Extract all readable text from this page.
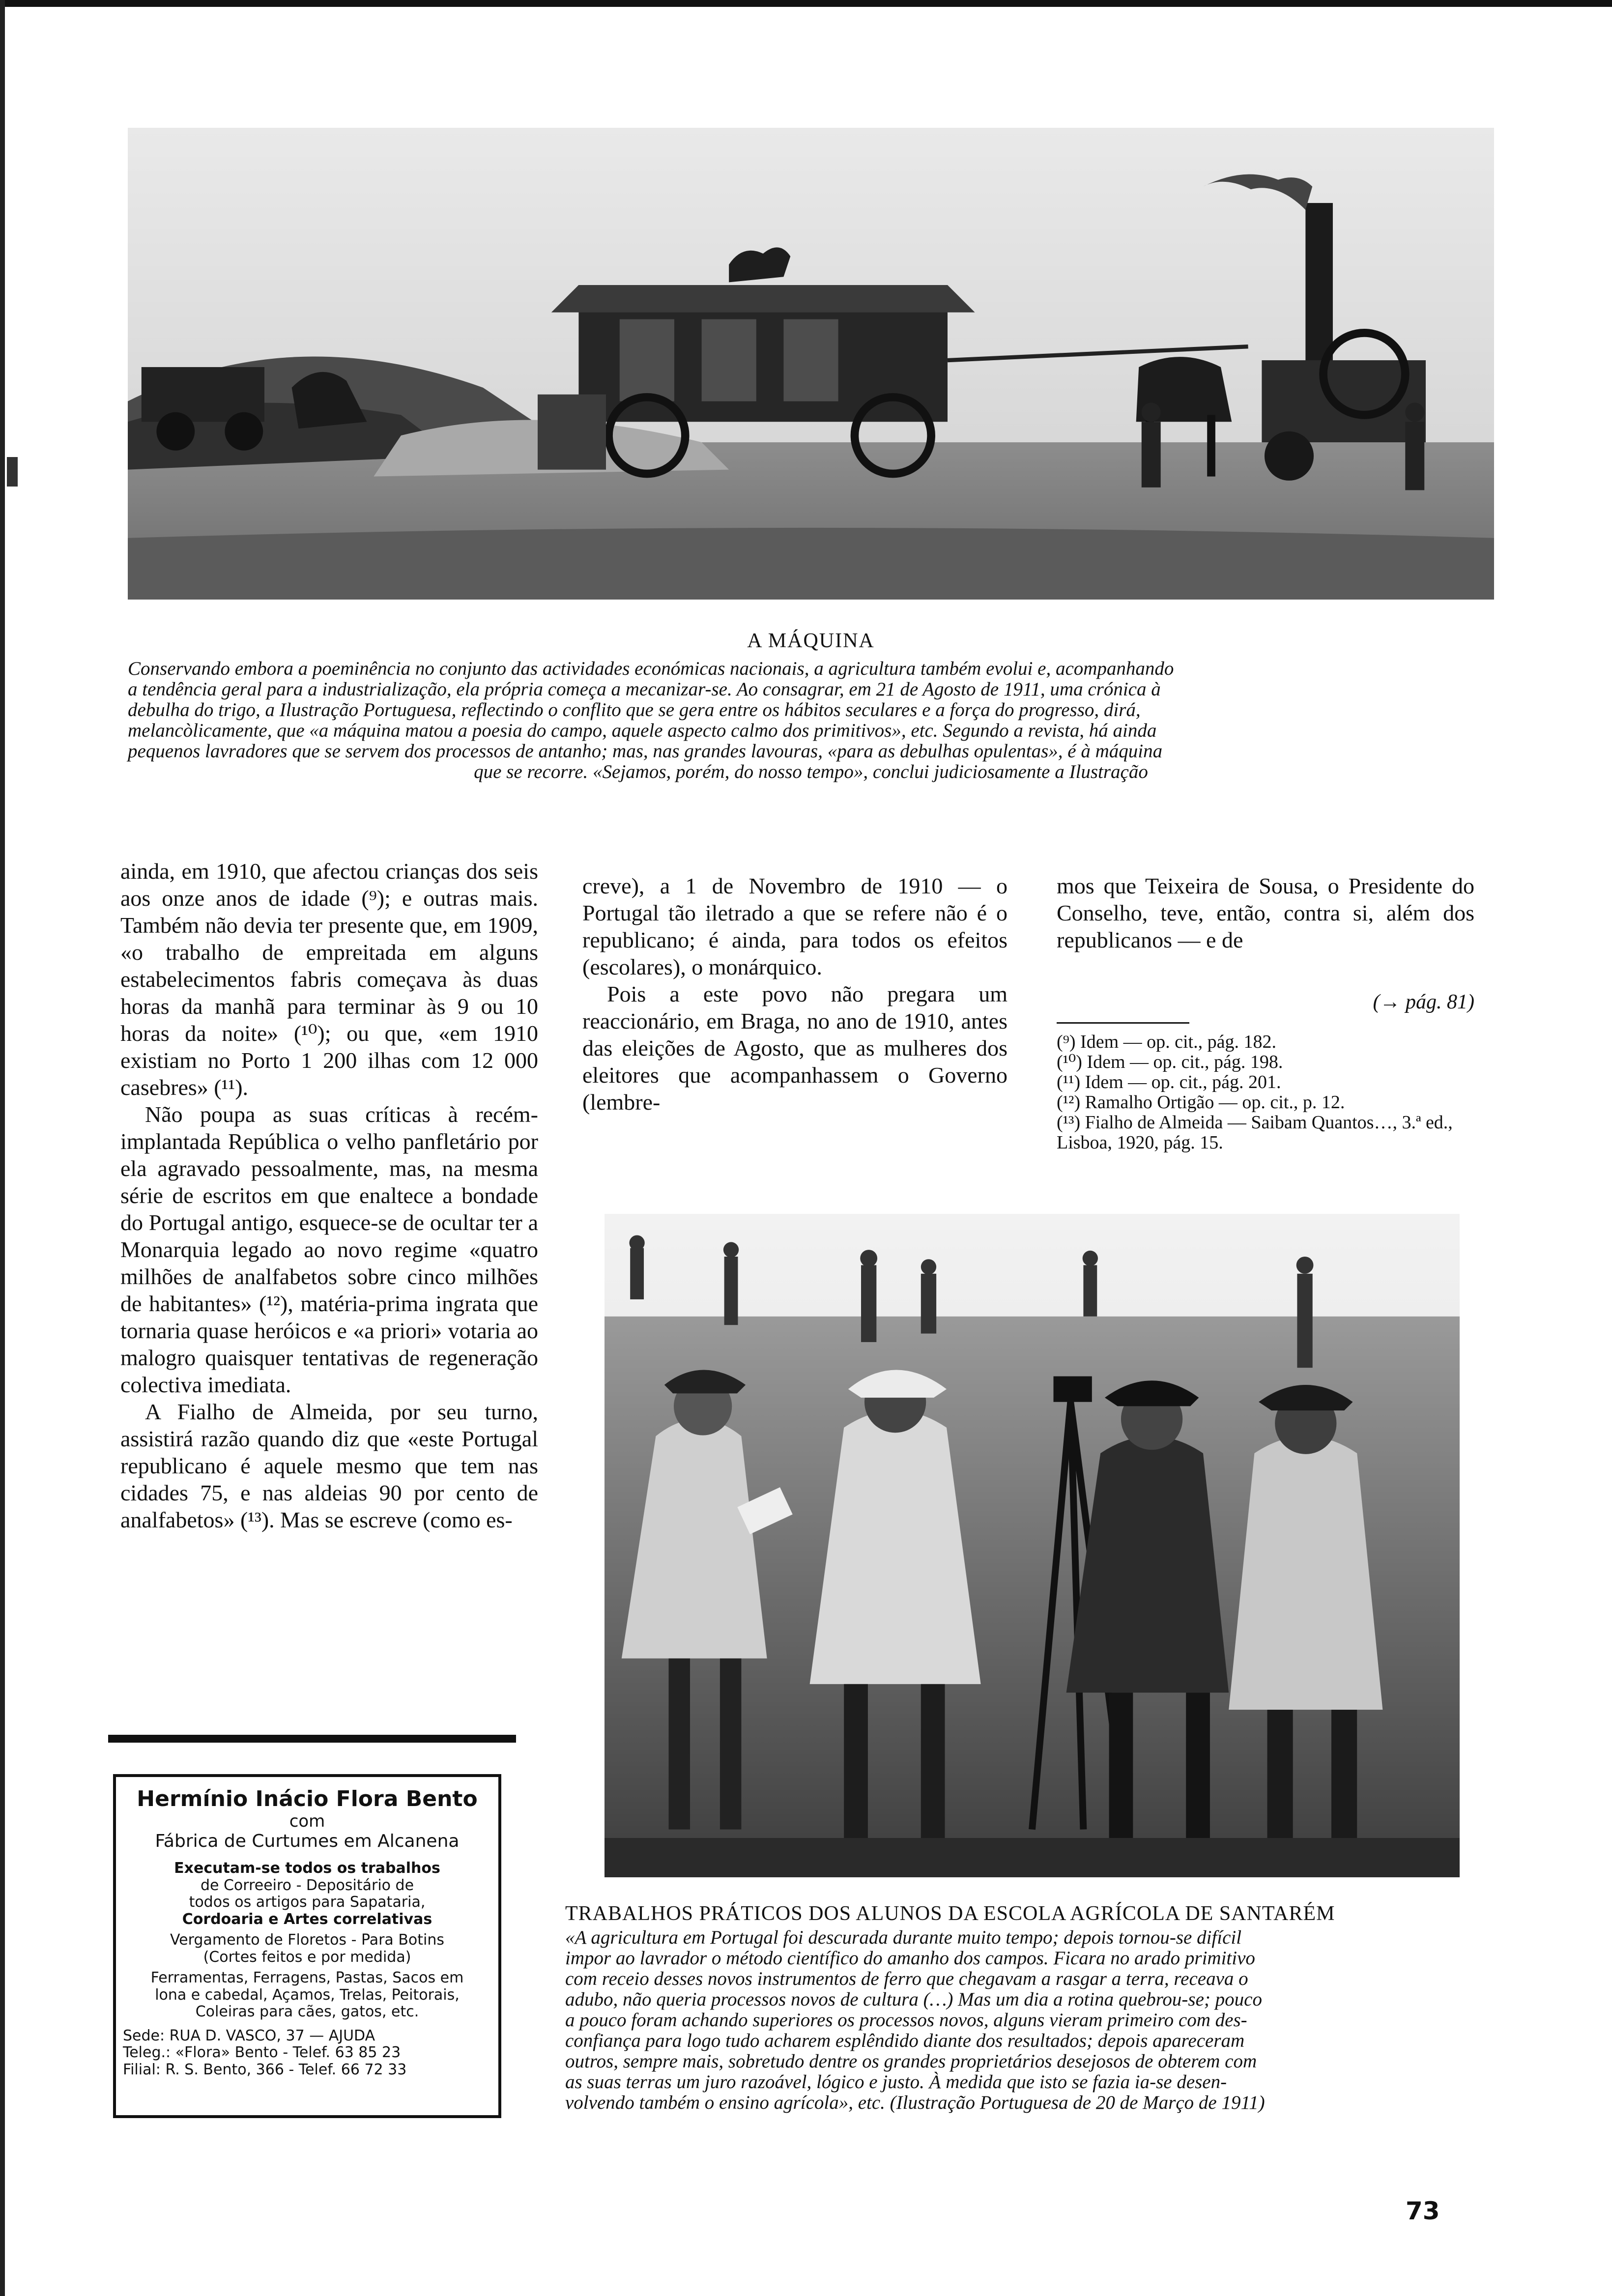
A MÁQUINA

Conservando embora a poeminência no conjunto das actividades económicas nacionais, a agricultura também evolui e, acompanhando
a tendência geral para a industrialização, ela própria começa a mecanizar-se. Ao consagrar, em 21 de Agosto de 1911, uma crónica à
debulha do trigo, a Ilustração Portuguesa, reflectindo o conflito que se gera entre os hábitos seculares e a força do progresso, dirá,
melancòlicamente, que «a máquina matou a poesia do campo, aquele aspecto calmo dos primitivos», etc. Segundo a revista, há ainda
pequenos lavradores que se servem dos processos de antanho; mas, nas grandes lavouras, «para as debulhas opulentas», é à máquina
que se recorre. «Sejamos, porém, do nosso tempo», conclui judiciosamente a Ilustração

ainda, em 1910, que afectou crianças dos seis aos onze anos de idade (⁹); e outras mais. Também não devia ter presente que, em 1909, «o trabalho de empreitada em alguns estabelecimentos fabris começava às duas horas da manhã para terminar às 9 ou 10 horas da noite» (¹⁰); ou que, «em 1910 existiam no Porto 1 200 ilhas com 12 000 casebres» (¹¹).

Não poupa as suas críticas à recém-implantada República o velho panfletário por ela agravado pessoalmente, mas, na mesma série de escritos em que enaltece a bondade do Portugal antigo, esquece-se de ocultar ter a Monarquia legado ao novo regime «quatro milhões de analfabetos sobre cinco milhões de habitantes» (¹²), matéria-prima ingrata que tornaria quase heróicos e «a priori» votaria ao malogro quaisquer tentativas de regeneração colectiva imediata.

A Fialho de Almeida, por seu turno, assistirá razão quando diz que «este Portugal republicano é aquele mesmo que tem nas cidades 75, e nas aldeias 90 por cento de analfabetos» (¹³). Mas se escreve (como es-

creve), a 1 de Novembro de 1910 — o Portugal tão iletrado a que se refere não é o republicano; é ainda, para todos os efeitos (escolares), o monárquico.

Pois a este povo não pregara um reaccionário, em Braga, no ano de 1910, antes das eleições de Agosto, que as mulheres dos eleitores que acompanhassem o Governo (lembre-

mos que Teixeira de Sousa, o Presidente do Conselho, teve, então, contra si, além dos republicanos — e de

(→ pág. 81)
(⁹) Idem — op. cit., pág. 182.
(¹⁰) Idem — op. cit., pág. 198.
(¹¹) Idem — op. cit., pág. 201.
(¹²) Ramalho Ortigão — op. cit., p. 12.
(¹³) Fialho de Almeida — Saibam Quantos…, 3.ª ed., Lisboa, 1920, pág. 15.

TRABALHOS PRÁTICOS DOS ALUNOS DA ESCOLA AGRÍCOLA DE SANTARÉM

«A agricultura em Portugal foi descurada durante muito tempo; depois tornou-se difícil
impor ao lavrador o método científico do amanho dos campos. Ficara no arado primitivo
com receio desses novos instrumentos de ferro que chegavam a rasgar a terra, receava o
adubo, não queria processos novos de cultura (…) Mas um dia a rotina quebrou-se; pouco
a pouco foram achando superiores os processos novos, alguns vieram primeiro com des-
confiança para logo tudo acharem esplêndido diante dos resultados; depois apareceram
outros, sempre mais, sobretudo dentre os grandes proprietários desejosos de obterem com
as suas terras um juro razoável, lógico e justo. À medida que isto se fazia ia-se desen-
volvendo também o ensino agrícola», etc. (Ilustração Portuguesa de 20 de Março de 1911)
Hermínio Inácio Flora Bento
com
Fábrica de Curtumes em Alcanena
Executam-se todos os trabalhos
de Correeiro - Depositário de
todos os artigos para Sapataria,
Cordoaria e Artes correlativas
Vergamento de Floretos - Para Botins
(Cortes feitos e por medida)
Ferramentas, Ferragens, Pastas, Sacos em
lona e cabedal, Açamos, Trelas, Peitorais,
Coleiras para cães, gatos, etc.
Sede: RUA D. VASCO, 37 — AJUDA
Teleg.: «Flora» Bento - Telef. 63 85 23
Filial: R. S. Bento, 366 - Telef. 66 72 33
73
